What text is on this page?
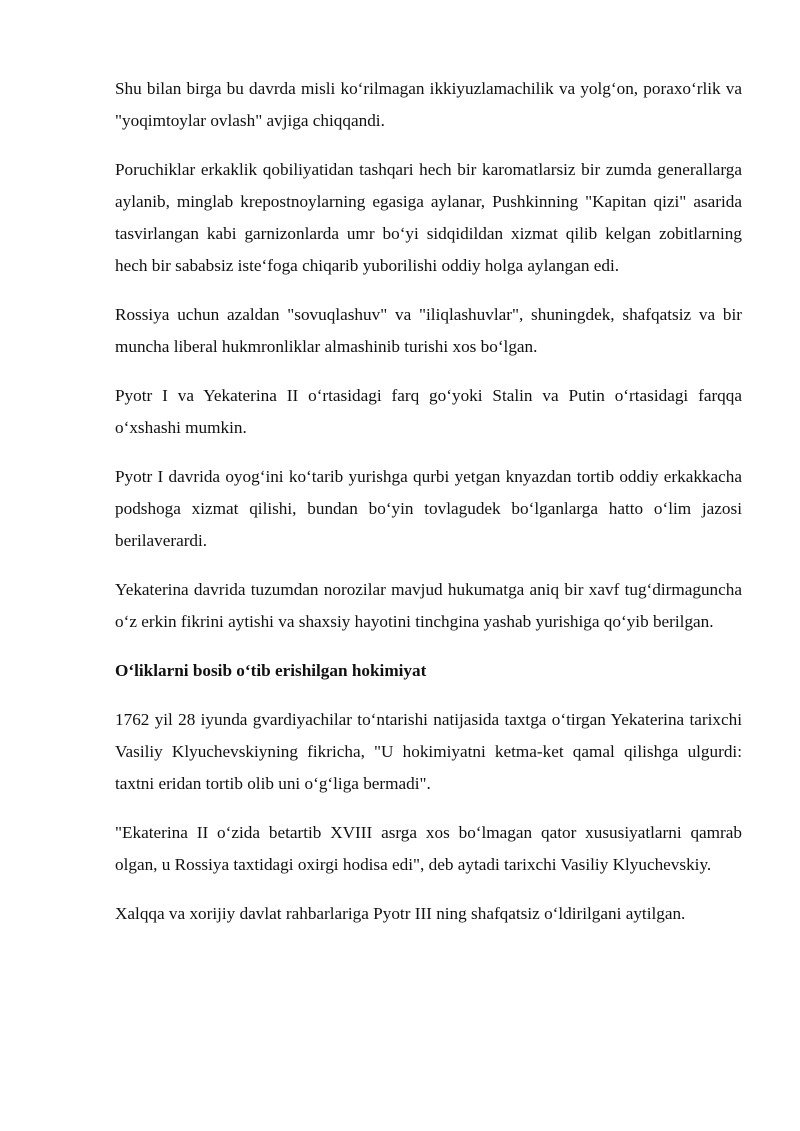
Shu bilan birga bu davrda misli ko‘rilmagan ikkiyuzlamachilik va yolg‘on, poraxo‘rlik va "yoqimtoylar ovlash" avjiga chiqqandi.

Poruchiklar erkaklik qobiliyatidan tashqari hech bir karomatlarsiz bir zumda generallarga aylanib, minglab krepostnoylarning egasiga aylanar, Pushkinning "Kapitan qizi" asarida tasvirlangan kabi garnizonlarda umr bo‘yi sidqidildan xizmat qilib kelgan zobitlarning hech bir sababsiz iste‘foga chiqarib yuborilishi oddiy holga aylangan edi.

Rossiya uchun azaldan "sovuqlashuv" va "iliqlashuvlar", shuningdek, shafqatsiz va bir muncha liberal hukmronliklar almashinib turishi xos bo‘lgan.

Pyotr I va Yekaterina II o‘rtasidagi farq go‘yoki Stalin va Putin o‘rtasidagi farqqa o‘xshashi mumkin.

Pyotr I davrida oyog‘ini ko‘tarib yurishga qurbi yetgan knyazdan tortib oddiy erkakkacha podshoga xizmat qilishi, bundan bo‘yin tovlagudek bo‘lganlarga hatto o‘lim jazosi berilaverardi.

Yekaterina davrida tuzumdan norozilar mavjud hukumatga aniq bir xavf tug‘dirmaguncha o‘z erkin fikrini aytishi va shaxsiy hayotini tinchgina yashab yurishiga qo‘yib berilgan.

O‘liklarni bosib o‘tib erishilgan hokimiyat

1762 yil 28 iyunda gvardiyachilar to‘ntarishi natijasida taxtga o‘tirgan Yekaterina tarixchi Vasiliy Klyuchevskiyning fikricha, "U hokimiyatni ketma-ket qamal qilishga ulgurdi: taxtni eridan tortib olib uni o‘g‘liga bermadi".

"Ekaterina II o‘zida betartib XVIII asrga xos bo‘lmagan qator xususiyatlarni qamrab olgan, u Rossiya taxtidagi oxirgi hodisa edi", deb aytadi tarixchi Vasiliy Klyuchevskiy.

Xalqqa va xorijiy davlat rahbarlariga Pyotr III ning shafqatsiz o‘ldirilgani aytilgan.
